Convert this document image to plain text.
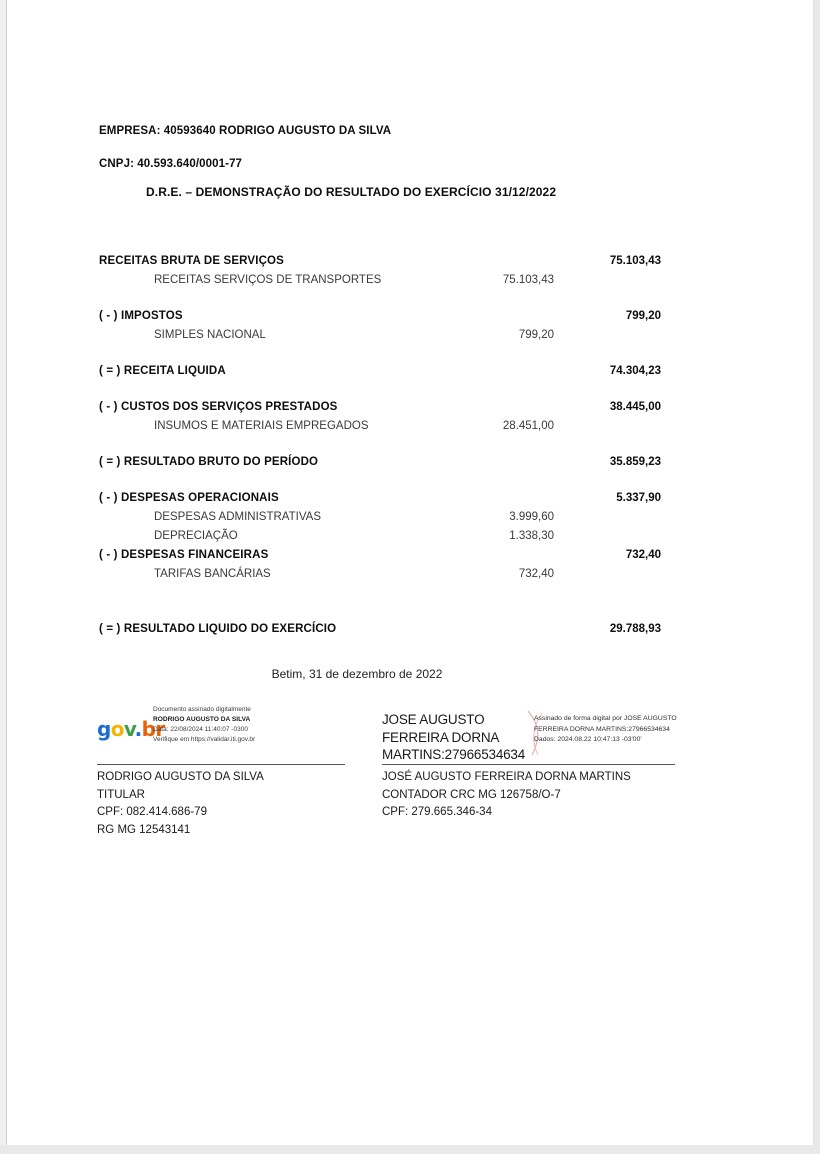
EMPRESA: 40593640 RODRIGO AUGUSTO DA SILVA
CNPJ: 40.593.640/0001-77
D.R.E. – DEMONSTRAÇÃO DO RESULTADO DO EXERCÍCIO 31/12/2022
RECEITAS BRUTA DE SERVIÇOS	75.103,43
RECEITAS SERVIÇOS DE TRANSPORTES	75.103,43
( - ) IMPOSTOS	799,20
SIMPLES NACIONAL	799,20
( = ) RECEITA LIQUIDA	74.304,23
( - ) CUSTOS DOS SERVIÇOS PRESTADOS	38.445,00
INSUMOS E MATERIAIS EMPREGADOS	28.451,00
( = ) RESULTADO BRUTO DO PERÍODO	35.859,23
( - ) DESPESAS OPERACIONAIS	5.337,90
DESPESAS ADMINISTRATIVAS	3.999,60
DEPRECIAÇÃO	1.338,30
( - ) DESPESAS FINANCEIRAS	732,40
TARIFAS BANCÁRIAS	732,40
( = ) RESULTADO LIQUIDO DO EXERCÍCIO	29.788,93
Betim, 31 de dezembro de 2022
gov.br
Documento assinado digitalmente
RODRIGO AUGUSTO DA SILVA
Data: 22/08/2024 11:40:07 -0300
Verifique em https://validar.iti.gov.br
RODRIGO AUGUSTO DA SILVA
TITULAR
CPF: 082.414.686-79
RG MG 12543141
JOSE AUGUSTO FERREIRA DORNA MARTINS:27966534634
Assinado de forma digital por JOSE AUGUSTO FERREIRA DORNA MARTINS:27966534634 Dados: 2024.08.22 10:47:13 -03'00'
JOSÉ AUGUSTO FERREIRA DORNA MARTINS
CONTADOR CRC MG 126758/O-7
CPF: 279.665.346-34
